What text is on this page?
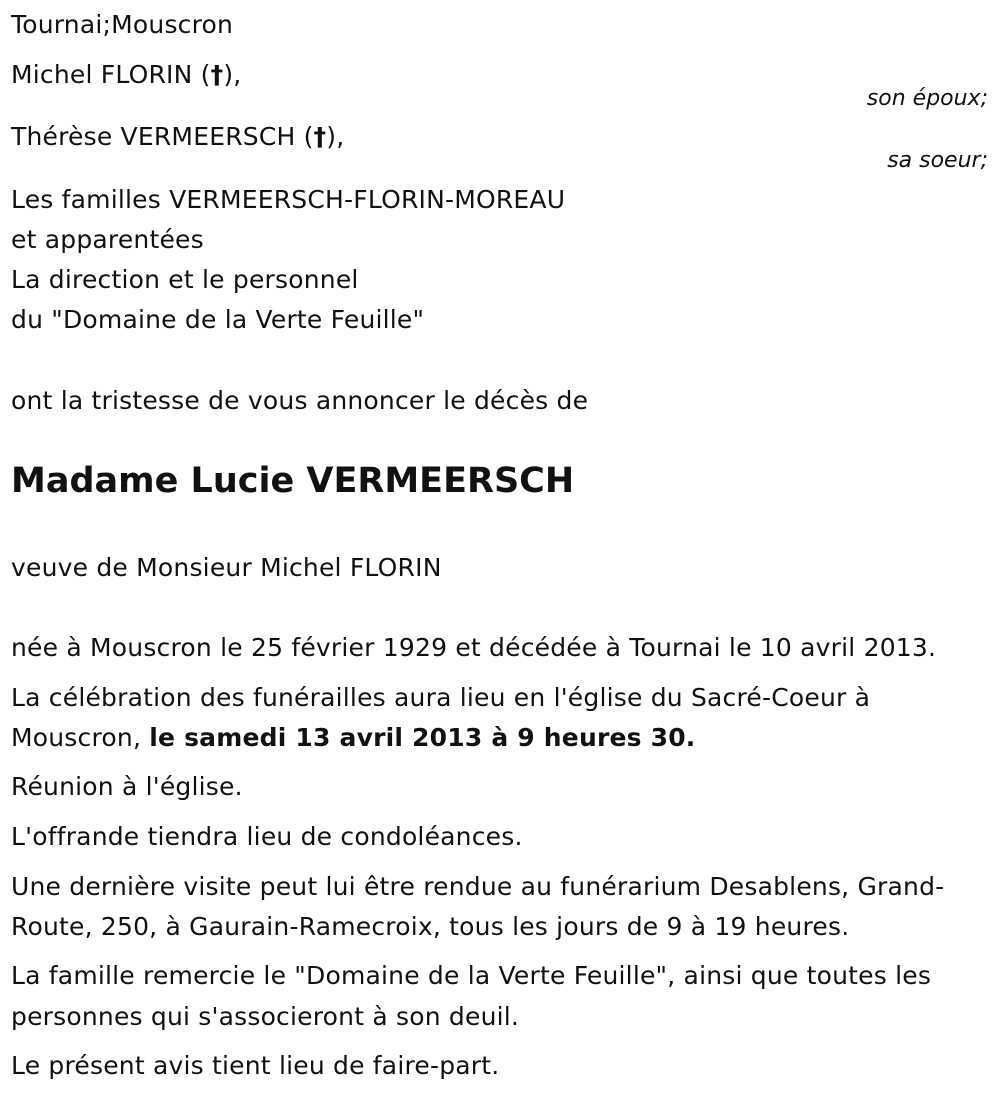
Tournai;Mouscron
Michel FLORIN (†),
son époux;
Thérèse VERMEERSCH (†),
sa soeur;
Les familles VERMEERSCH-FLORIN-MOREAU
et apparentées
La direction et le personnel
du "Domaine de la Verte Feuille"
ont la tristesse de vous annoncer le décès de
Madame Lucie VERMEERSCH
veuve de Monsieur Michel FLORIN
née à Mouscron le 25 février 1929 et décédée à Tournai le 10 avril 2013.
La célébration des funérailles aura lieu en l'église du Sacré-Coeur à
Mouscron, le samedi 13 avril 2013 à 9 heures 30.
Réunion à l'église.
L'offrande tiendra lieu de condoléances.
Une dernière visite peut lui être rendue au funérarium Desablens, Grand-
Route, 250, à Gaurain-Ramecroix, tous les jours de 9 à 19 heures.
La famille remercie le "Domaine de la Verte Feuille", ainsi que toutes les
personnes qui s'associeront à son deuil.
Le présent avis tient lieu de faire-part.
